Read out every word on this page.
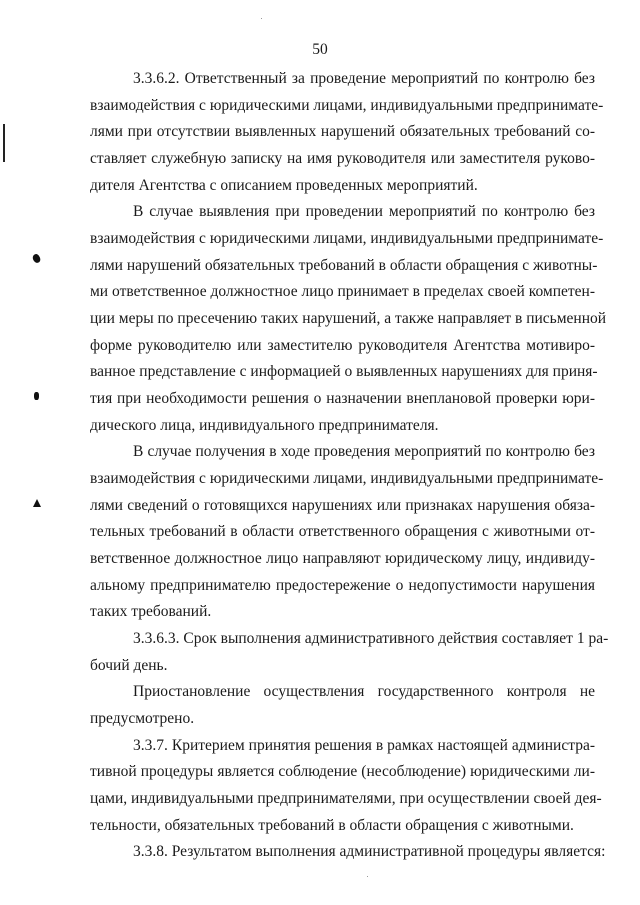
50
3.3.6.2. Ответственный за проведение мероприятий по контролю без
взаимодействия с юридическими лицами, индивидуальными предпринимате-
лями при отсутствии выявленных нарушений обязательных требований со-
ставляет служебную записку на имя руководителя или заместителя руково-
дителя Агентства с описанием проведенных мероприятий.
В случае выявления при проведении мероприятий по контролю без
взаимодействия с юридическими лицами, индивидуальными предпринимате-
лями нарушений обязательных требований в области обращения с животны-
ми ответственное должностное лицо принимает в пределах своей компетен-
ции меры по пресечению таких нарушений, а также направляет в письменной
форме руководителю или заместителю руководителя Агентства мотивиро-
ванное представление с информацией о выявленных нарушениях для приня-
тия при необходимости решения о назначении внеплановой проверки юри-
дического лица, индивидуального предпринимателя.
В случае получения в ходе проведения мероприятий по контролю без
взаимодействия с юридическими лицами, индивидуальными предпринимате-
лями сведений о готовящихся нарушениях или признаках нарушения обяза-
тельных требований в области ответственного обращения с животными от-
ветственное должностное лицо направляют юридическому лицу, индивиду-
альному предпринимателю предостережение о недопустимости нарушения
таких требований.
3.3.6.3. Срок выполнения административного действия составляет 1 ра-
бочий день.
Приостановление осуществления государственного контроля не
предусмотрено.
3.3.7. Критерием принятия решения в рамках настоящей администра-
тивной процедуры является соблюдение (несоблюдение) юридическими ли-
цами, индивидуальными предпринимателями, при осуществлении своей дея-
тельности, обязательных требований в области обращения с животными.
3.3.8. Результатом выполнения административной процедуры является:
